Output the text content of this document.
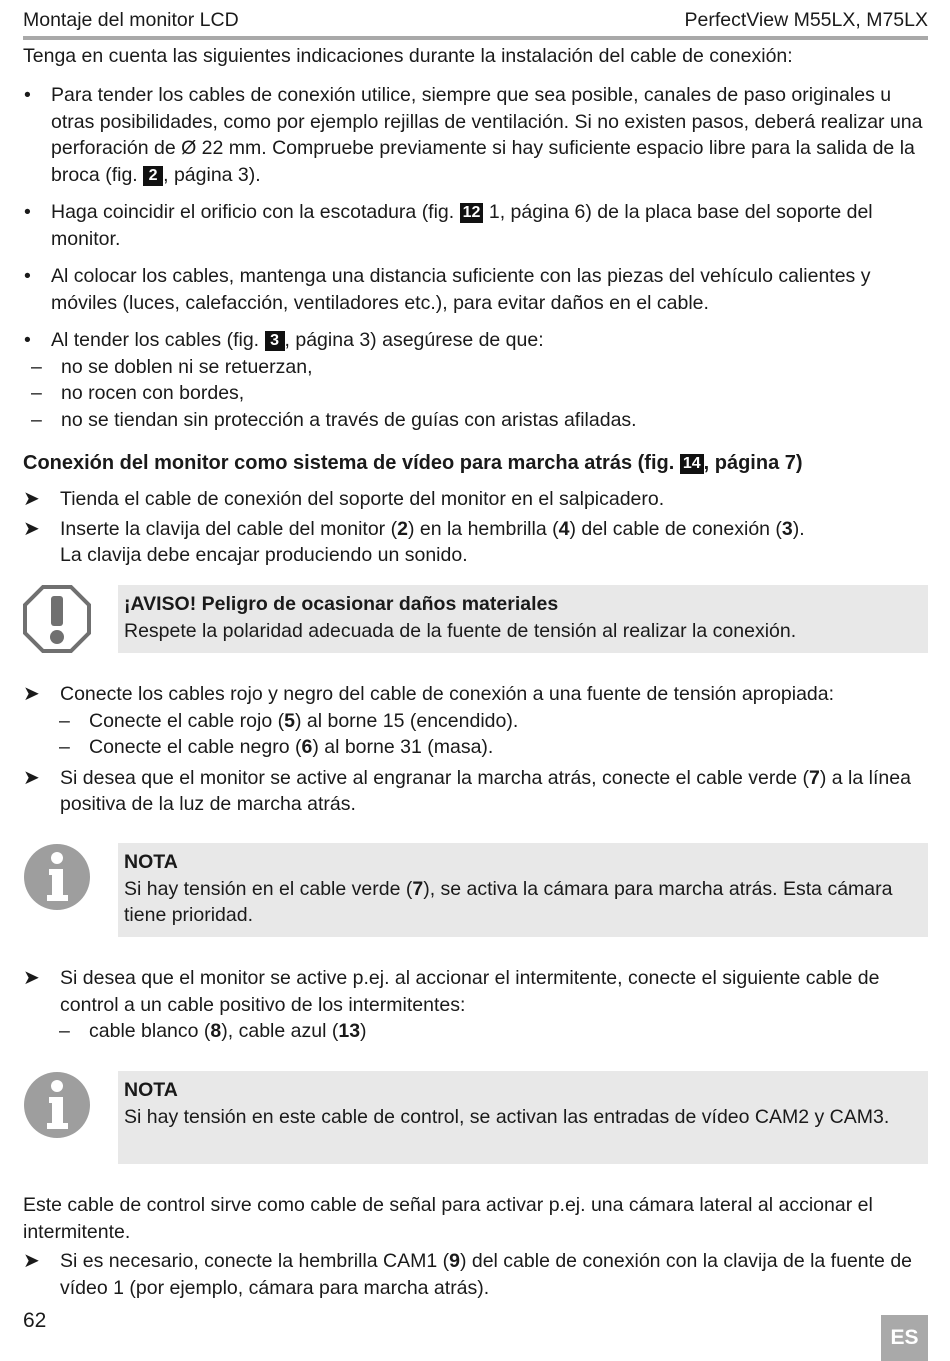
Montaje del monitor LCD	PerfectView M55LX, M75LX

Tenga en cuenta las siguientes indicaciones durante la instalación del cable de conexión:

• Para tender los cables de conexión utilice, siempre que sea posible, canales de paso originales u otras posibilidades, como por ejemplo rejillas de ventilación. Si no existen pasos, deberá realizar una perforación de Ø 22 mm. Compruebe previamente si hay suficiente espacio libre para la salida de la broca (fig. 2 , página 3).
• Haga coincidir el orificio con la escotadura (fig. 12 1, página 6) de la placa base del soporte del monitor.
• Al colocar los cables, mantenga una distancia suficiente con las piezas del vehículo calientes y móviles (luces, calefacción, ventiladores etc.), para evitar daños en el cable.
• Al tender los cables (fig. 3 , página 3) asegúrese de que:
– no se doblen ni se retuerzan,
– no rocen con bordes,
– no se tiendan sin protección a través de guías con aristas afiladas.

Conexión del monitor como sistema de vídeo para marcha atrás (fig. 14 , página 7)

➤ Tienda el cable de conexión del soporte del monitor en el salpicadero.
➤ Inserte la clavija del cable del monitor (2) en la hembrilla (4) del cable de conexión (3).
La clavija debe encajar produciendo un sonido.
¡AVISO! Peligro de ocasionar daños materiales
Respete la polaridad adecuada de la fuente de tensión al realizar la conexión.
➤ Conecte los cables rojo y negro del cable de conexión a una fuente de tensión apropiada:
– Conecte el cable rojo (5) al borne 15 (encendido).
– Conecte el cable negro (6) al borne 31 (masa).
➤ Si desea que el monitor se active al engranar la marcha atrás, conecte el cable verde (7) a la línea positiva de la luz de marcha atrás.
NOTA
Si hay tensión en el cable verde (7), se activa la cámara para marcha atrás. Esta cámara tiene prioridad.
➤ Si desea que el monitor se active p.ej. al accionar el intermitente, conecte el siguiente cable de control a un cable positivo de los intermitentes:
– cable blanco (8), cable azul (13)
NOTA
Si hay tensión en este cable de control, se activan las entradas de vídeo CAM2 y CAM3.

Este cable de control sirve como cable de señal para activar p.ej. una cámara lateral al accionar el intermitente.

➤ Si es necesario, conecte la hembrilla CAM1 (9) del cable de conexión con la clavija de la fuente de vídeo 1 (por ejemplo, cámara para marcha atrás).
62
ES
